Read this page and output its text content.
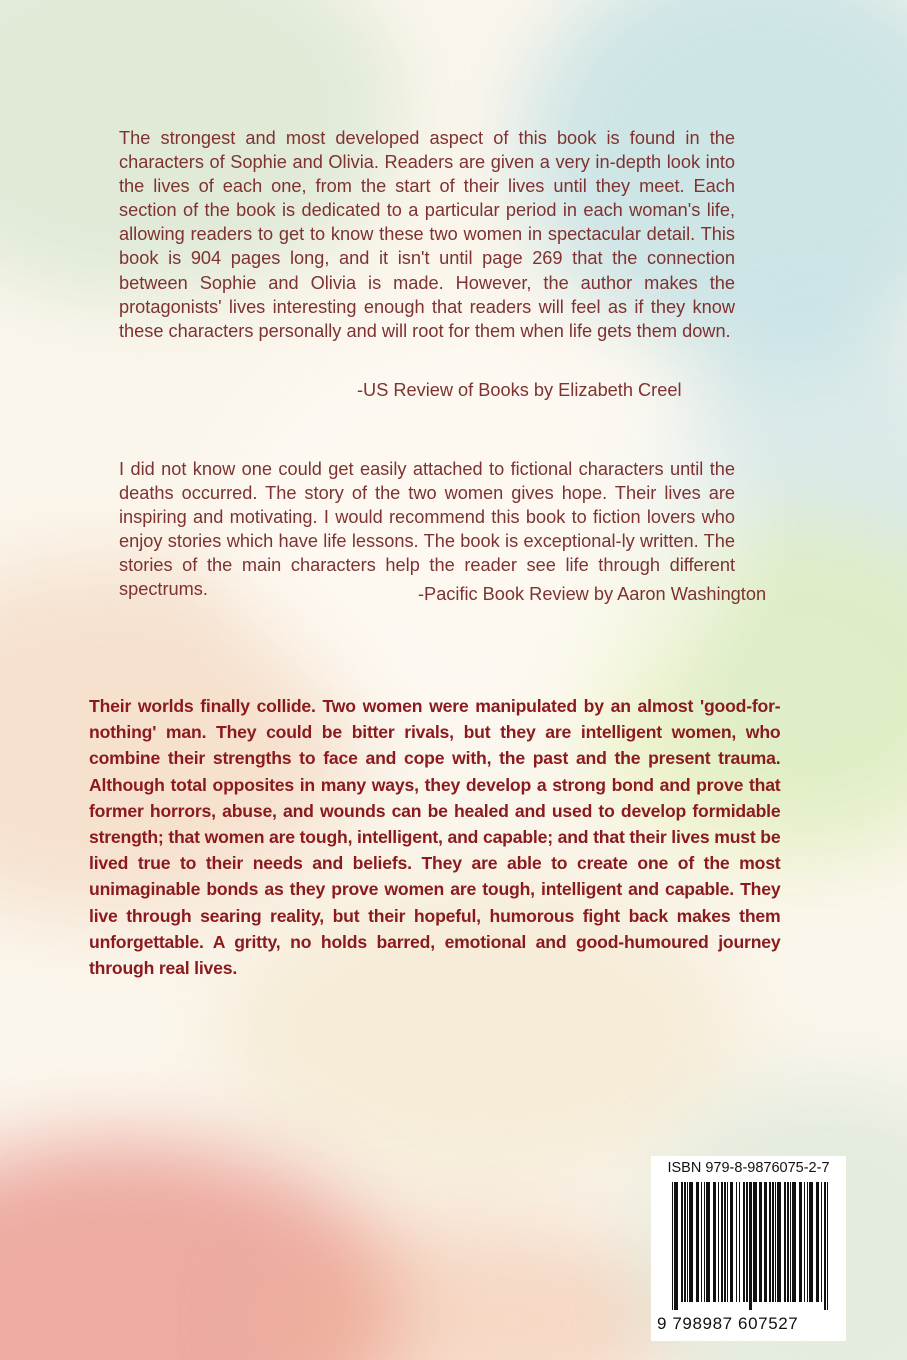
The strongest and most developed aspect of this book is found in the characters of Sophie and Olivia. Readers are given a very in-depth look into the lives of each one, from the start of their lives until they meet. Each section of the book is dedicated to a particular period in each woman's life, allowing readers to get to know these two women in spectacular detail. This book is 904 pages long, and it isn't until page 269 that the connection between Sophie and Olivia is made. However, the author makes the protagonists' lives interesting enough that readers will feel as if they know these characters personally and will root for them when life gets them down.

-US Review of Books by Elizabeth Creel

I did not know one could get easily attached to fictional characters until the deaths occurred. The story of the two women gives hope. Their lives are inspiring and motivating. I would recommend this book to fiction lovers who enjoy stories which have life lessons. The book is exceptional-ly written. The stories of the main characters help the reader see life through different spectrums.	-Pacific Book Review by Aaron Washington

Their worlds finally collide. Two women were manipulated by an almost 'good-for-nothing' man. They could be bitter rivals, but they are intelligent women, who combine their strengths to face and cope with, the past and the present trauma. Although total opposites in many ways, they develop a strong bond and prove that former horrors, abuse, and wounds can be healed and used to develop formidable strength; that women are tough, intelligent, and capable; and that their lives must be lived true to their needs and beliefs. They are able to create one of the most unimaginable bonds as they prove women are tough, intelligent and capable. They live through searing reality, but their hopeful, humorous fight back makes them unforgettable. A gritty, no holds barred, emotional and good-humoured journey through real lives.

ISBN 979-8-9876075-2-7
9 798987 607527
